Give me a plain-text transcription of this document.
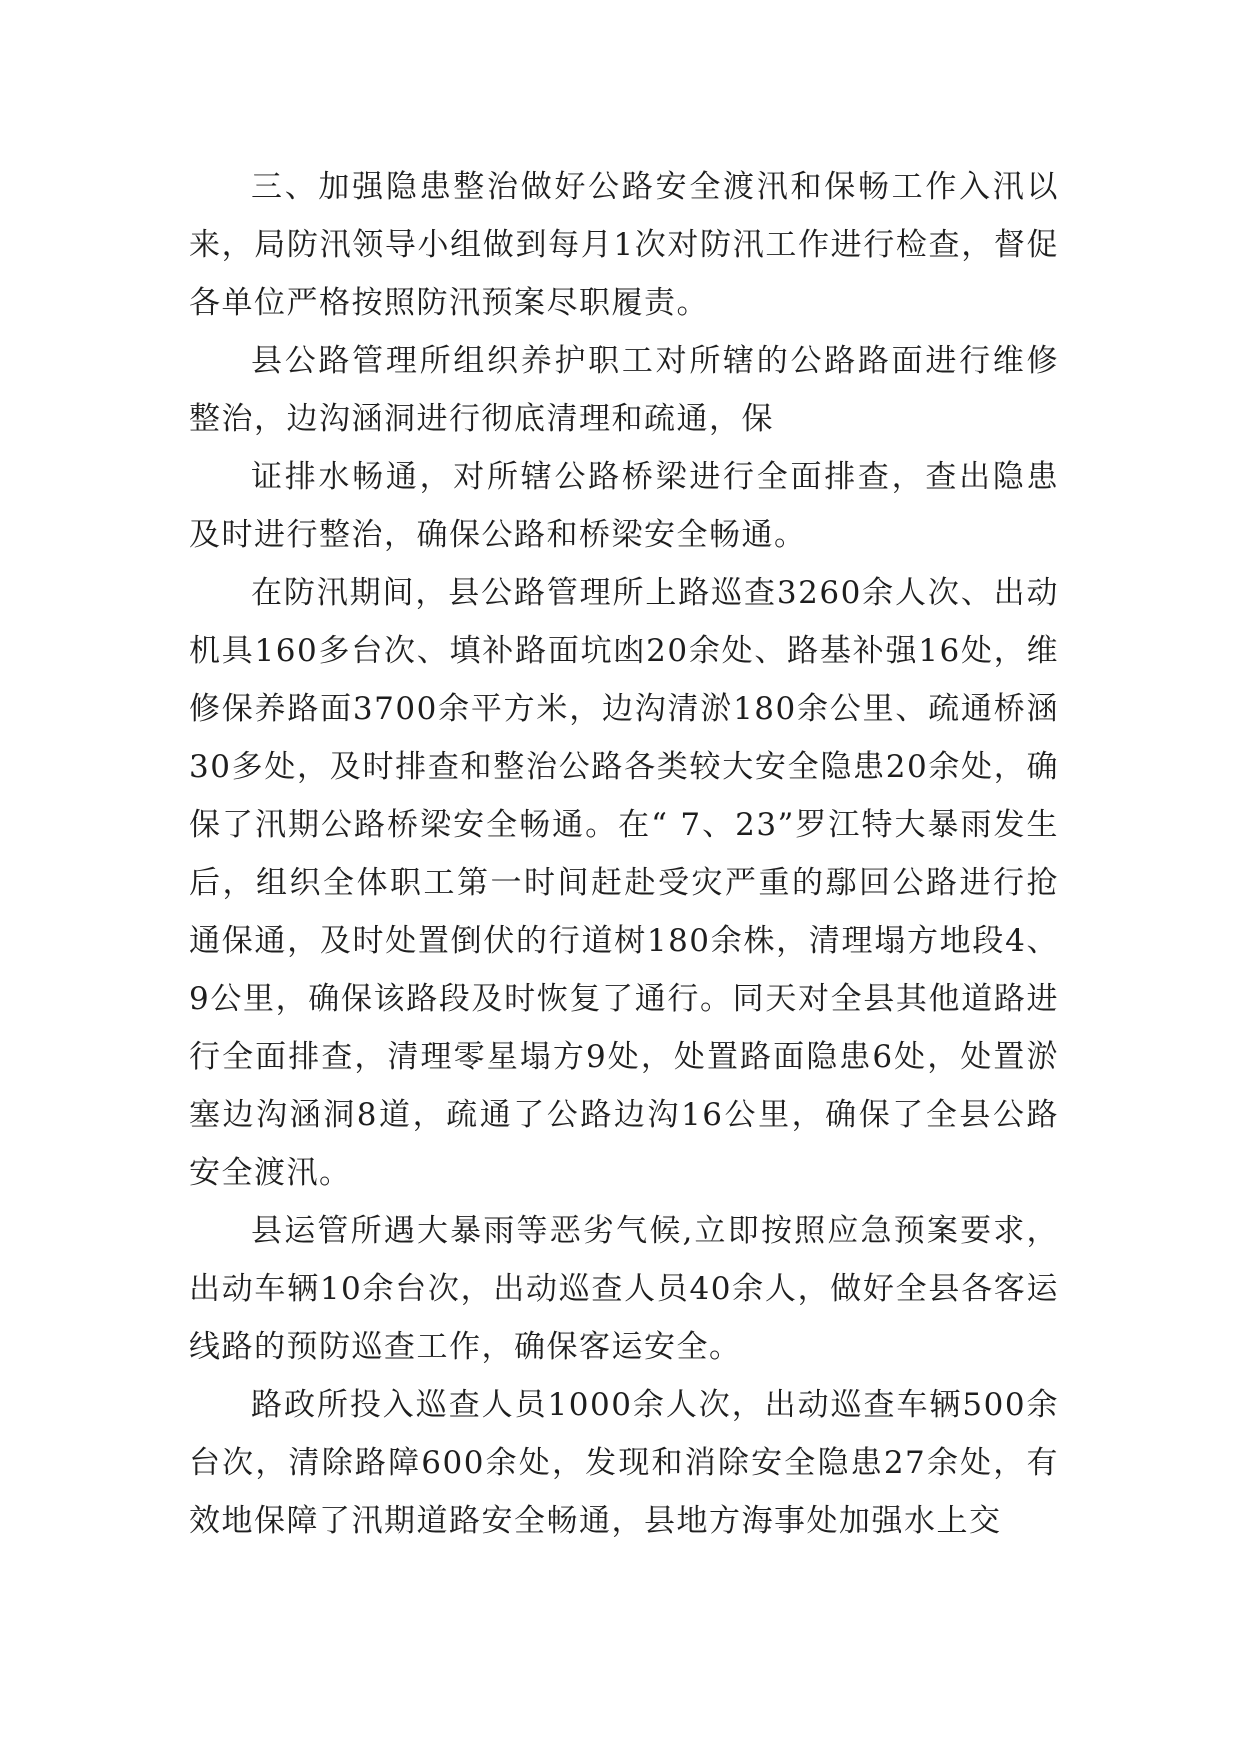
三、加强隐患整治做好公路安全渡汛和保畅工作入汛以来，局防汛领导小组做到每月1次对防汛工作进行检查，督促各单位严格按照防汛预案尽职履责。

县公路管理所组织养护职工对所辖的公路路面进行维修整治，边沟涵洞进行彻底清理和疏通，保

证排水畅通，对所辖公路桥梁进行全面排查，查出隐患及时进行整治，确保公路和桥梁安全畅通。

在防汛期间，县公路管理所上路巡查3260余人次、出动机具160多台次、填补路面坑凼20余处、路基补强16处，维修保养路面3700余平方米，边沟清淤180余公里、疏通桥涵30多处，及时排查和整治公路各类较大安全隐患20余处，确保了汛期公路桥梁安全畅通。在“ 7、23”罗江特大暴雨发生后，组织全体职工第一时间赶赴受灾严重的鄢回公路进行抢通保通，及时处置倒伏的行道树180余株，清理塌方地段4、9公里，确保该路段及时恢复了通行。同天对全县其他道路进行全面排查，清理零星塌方9处，处置路面隐患6处，处置淤塞边沟涵洞8道，疏通了公路边沟16公里，确保了全县公路安全渡汛。

县运管所遇大暴雨等恶劣气候,立即按照应急预案要求，出动车辆10余台次，出动巡查人员40余人，做好全县各客运线路的预防巡查工作，确保客运安全。

路政所投入巡查人员1000余人次，出动巡查车辆500余台次，清除路障600余处，发现和消除安全隐患27余处，有效地保障了汛期道路安全畅通，县地方海事处加强水上交
